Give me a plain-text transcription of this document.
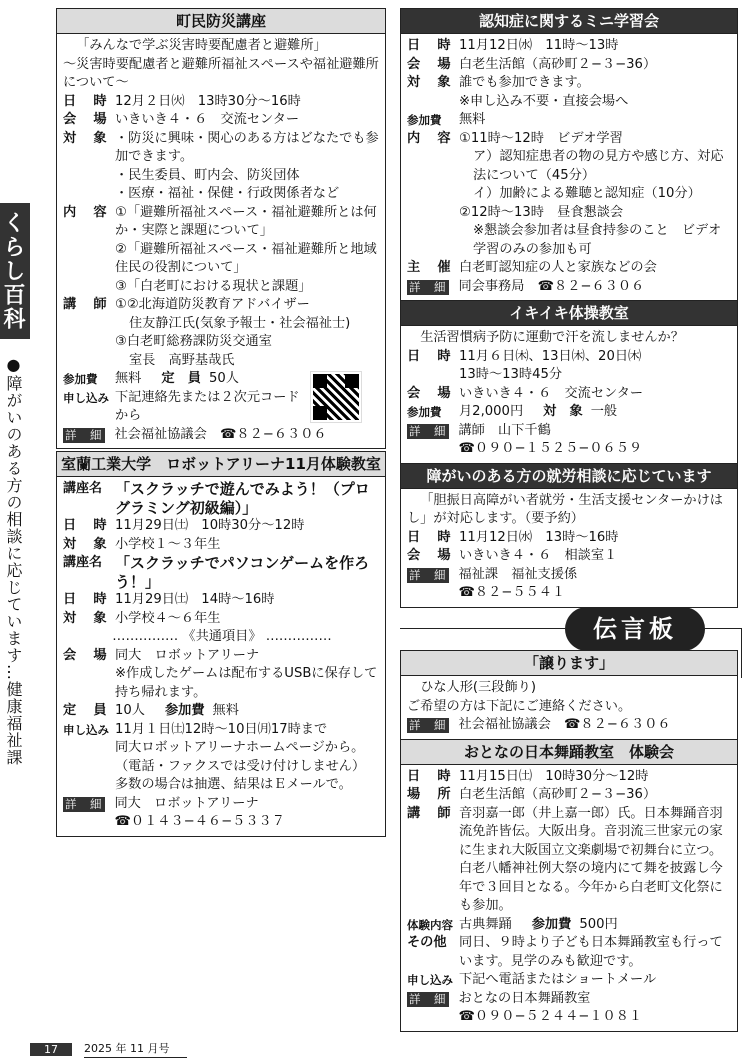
くらし百科
●障がいのある方の相談に応じています…健康福祉課
町民防災講座
「みんなで学ぶ災害時要配慮者と避難所」
〜災害時要配慮者と避難所福祉スペースや福祉避難所について〜
日　時 12月２日㈫　13時30分〜16時
会　場 いきいき４・６　交流センター
対　象 ・防災に興味・関心のある方はどなたでも参加できます。
・民生委員、町内会、防災団体
・医療・福祉・保健・行政関係者など
内　容 ①「避難所福祉スペース・福祉避難所とは何か・実際と課題について」
②「避難所福祉スペース・福祉避難所と地域住民の役割について」
③「白老町における現状と課題」
講　師 ①②北海道防災教育アドバイザー
住友静江氏(気象予報士・社会福祉士)
③白老町総務課防災交通室
室長　高野基哉氏
参加費	無料 定　員 50人
申し込み 下記連絡先または２次元コードから
詳　細 社会福祉協議会　☎８２−６３０６
室蘭工業大学　ロボットアリーナ11月体験教室
講座名 「スクラッチで遊んでみよう！（プログラミング初級編）」
日　時 11月29日㈯　10時30分〜12時
対　象 小学校１〜３年生
講座名 「スクラッチでパソコンゲームを作ろう！」
日　時 11月29日㈯　14時〜16時
対　象 小学校４〜６年生
…………… 《共通項目》 ……………
会　場 同大　ロボットアリーナ
※作成したゲームは配布するUSBに保存して持ち帰れます。
定　員 10人 参加費 無料
申し込み 11月１日㈯12時〜10日㈪17時まで
同大ロボットアリーナホームページから。（電話・ファクスでは受け付けしません）
多数の場合は抽選、結果はＥメールで。
詳　細 同大　ロボットアリーナ
☎０１４３−４６−５３３７
認知症に関するミニ学習会
日　時 11月12日㈬　11時〜13時
会　場 白老生活館（高砂町２−３−36）
対　象 誰でも参加できます。
※申し込み不要・直接会場へ
参加費	無料
内　容 ①11時〜12時　ビデオ学習
ア）認知症患者の物の見方や感じ方、対応法について（45分）
イ）加齢による難聴と認知症（10分）
②12時〜13時　昼食懇談会
※懇談会参加者は昼食持参のこと　ビデオ学習のみの参加も可
主　催 白老町認知症の人と家族などの会
詳　細 同会事務局　☎８２−６３０６
イキイキ体操教室
生活習慣病予防に運動で汗を流しませんか？
日　時 11月６日㈭、13日㈭、20日㈭
13時〜13時45分
会　場 いきいき４・６　交流センター
参加費	月2,000円 対　象 一般
詳　細 講師　山下千鶴
☎０９０−１５２５−０６５９
障がいのある方の就労相談に応じています
「胆振日高障がい者就労・生活支援センターかけはし」が対応します。（要予約）
日　時 11月12日㈬　13時〜16時
会　場 いきいき４・６　相談室１
詳　細 福祉課　福祉支援係
☎８２−５５４１
伝言板
「譲ります」
ひな人形(三段飾り)
ご希望の方は下記にご連絡ください。
詳　細 社会福祉協議会　☎８２−６３０６
おとなの日本舞踊教室　体験会
日　時 11月15日㈯　10時30分〜12時
場　所 白老生活館（高砂町２−３−36）
講　師 音羽嘉一郎（井上嘉一郎）氏。日本舞踊音羽流免許皆伝。大阪出身。音羽流三世家元の家に生まれ大阪国立文楽劇場で初舞台に立つ。白老八幡神社例大祭の境内にて舞を披露し今年で３回目となる。今年から白老町文化祭にも参加。
体験内容 古典舞踊 参加費 500円
その他 同日、９時より子ども日本舞踊教室も行っています。見学のみも歓迎です。
申し込み 下記へ電話またはショートメール
詳　細 おとなの日本舞踊教室
☎０９０−５２４４−１０８１
17	2025 年 11 月号
